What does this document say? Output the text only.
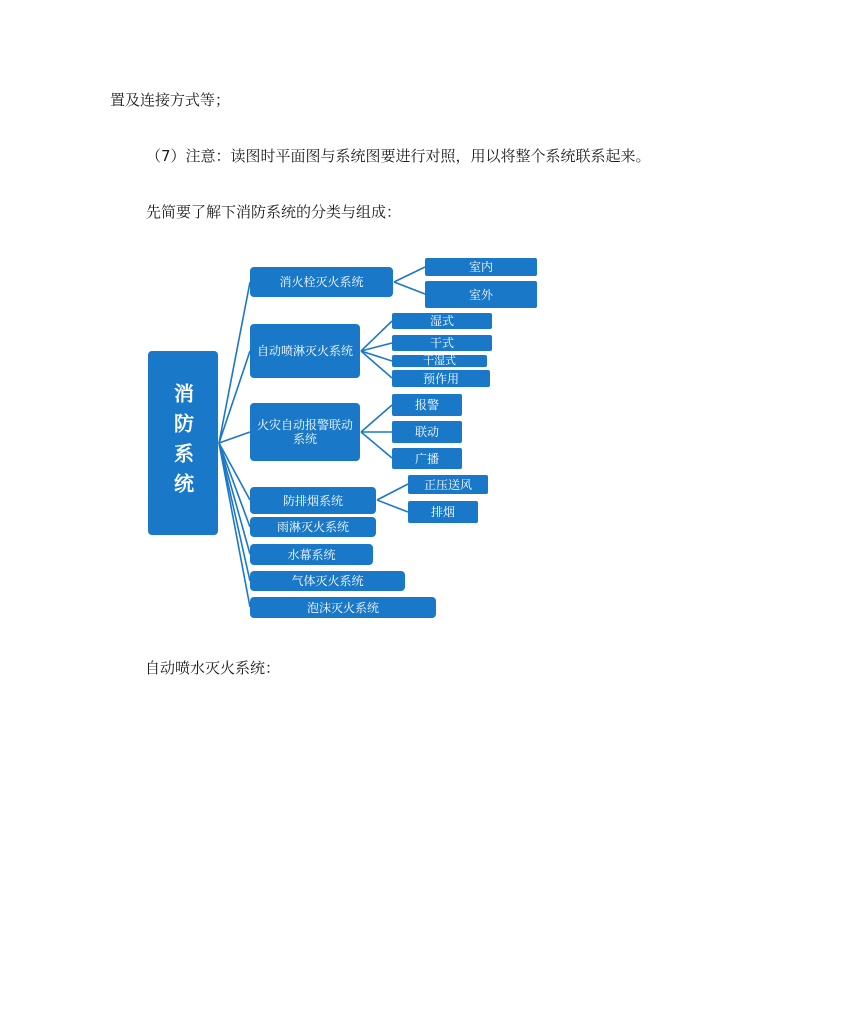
置及连接方式等；
（7）注意：读图时平面图与系统图要进行对照，用以将整个系统联系起来。
先简要了解下消防系统的分类与组成：
消防系统
消火栓灭火系统
自动喷淋灭火系统
火灾自动报警联动系统
防排烟系统
雨淋灭火系统
水幕系统
气体灭火系统
泡沫灭火系统
室内
室外
湿式
干式
干湿式
预作用
报警
联动
广播
正压送风
排烟
自动喷水灭火系统：
